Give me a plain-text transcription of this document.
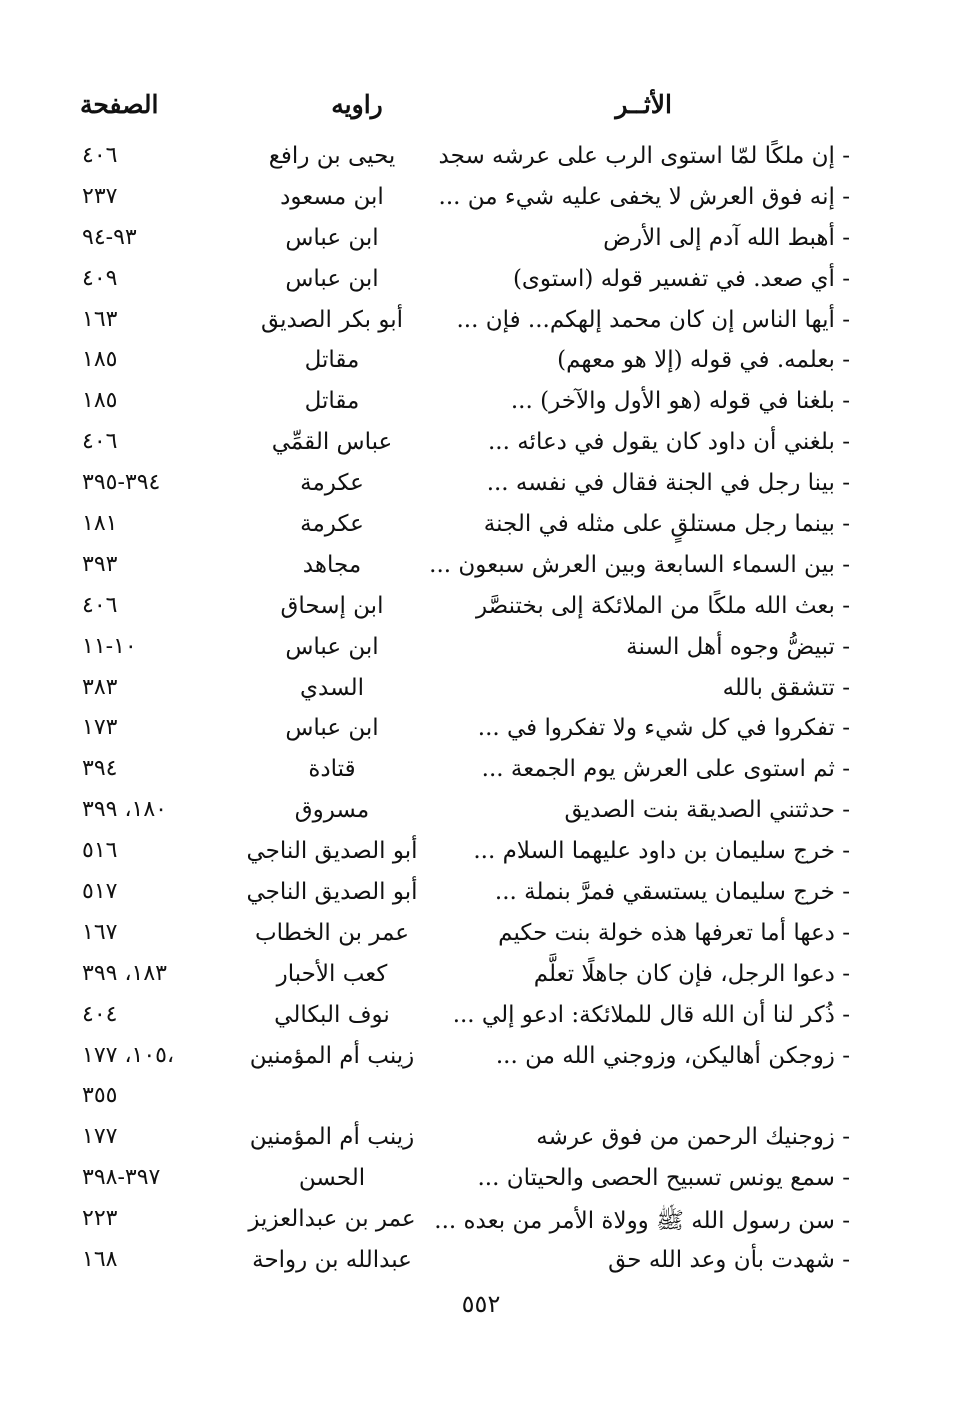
الأثــر
راويه
الصفحة
- إن ملكًا لمّا استوى الرب على عرشه سجد
يحيى بن رافع
٤٠٦
- إنه فوق العرش لا يخفى عليه شيء من ...
ابن مسعود
٢٣٧
- أهبط الله آدم إلى الأرض
ابن عباس
٩٣-٩٤
- أي صعد. في تفسير قوله (استوى)
ابن عباس
٤٠٩
- أيها الناس إن كان محمد إلهكم... فإن ...
أبو بكر الصديق
١٦٣
- بعلمه. في قوله (إلا هو معهم)
مقاتل
١٨٥
- بلغنا في قوله (هو الأول والآخر) ...
مقاتل
١٨٥
- بلغني أن داود كان يقول في دعائه ...
عباس القمِّي
٤٠٦
- بينا رجل في الجنة فقال في نفسه ...
عكرمة
٣٩٤-٣٩٥
- بينما رجل مستلقٍ على مثله في الجنة
عكرمة
١٨١
- بين السماء السابعة وبين العرش سبعون ...
مجاهد
٣٩٣
- بعث الله ملكًا من الملائكة إلى بختنصَّر
ابن إسحاق
٤٠٦
- تبيضُّ وجوه أهل السنة
ابن عباس
١٠-١١
- تتشقق بالله
السدي
٣٨٣
- تفكروا في كل شيء ولا تفكروا في ...
ابن عباس
١٧٣
- ثم استوى على العرش يوم الجمعة ...
قتادة
٣٩٤
- حدثتني الصديقة بنت الصديق
مسروق
١٨٠، ٣٩٩
- خرج سليمان بن داود عليهما السلام ...
أبو الصديق الناجي
٥١٦
- خرج سليمان يستسقي فمرَّ بنملة ...
أبو الصديق الناجي
٥١٧
- دعها أما تعرفها هذه خولة بنت حكيم
عمر بن الخطاب
١٦٧
- دعوا الرجل، فإن كان جاهلًا تعلَّم
كعب الأحبار
١٨٣، ٣٩٩
- ذُكر لنا أن الله قال للملائكة: ادعو إلي ...
نوف البكالي
٤٠٤
- زوجكن أهاليكن، وزوجني الله من ...
زينب أم المؤمنين
١٠٥، ١٧٧،
٣٥٥
- زوجنيك الرحمن من فوق عرشه
زينب أم المؤمنين
١٧٧
- سمع يونس تسبيح الحصى والحيتان ...
الحسن
٣٩٧-٣٩٨
- سن رسول الله ﷺ وولاة الأمر من بعده ...
عمر بن عبدالعزيز
٢٢٣
- شهدت بأن وعد الله حق
عبدالله بن رواحة
١٦٨
٥٥٢
